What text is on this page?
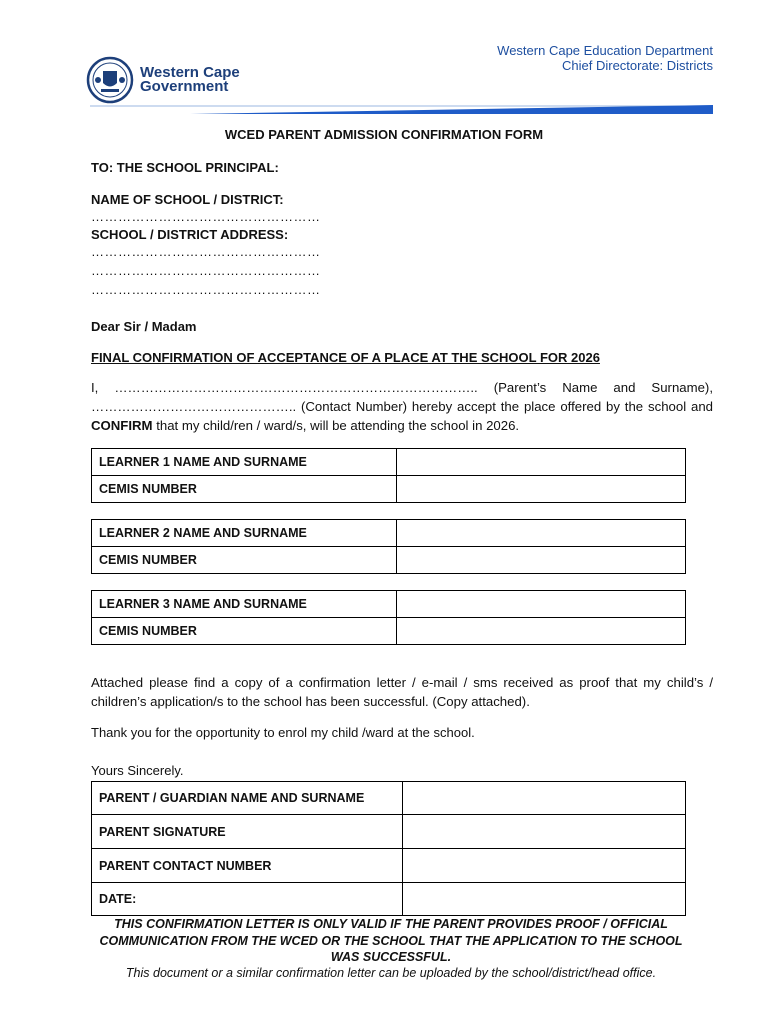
Western Cape
Government
Western Cape Education Department
Chief Directorate: Districts
WCED PARENT ADMISSION CONFIRMATION FORM
TO: THE SCHOOL PRINCIPAL:
NAME OF SCHOOL / DISTRICT:
……………………………………………
SCHOOL / DISTRICT ADDRESS:
……………………………………………
……………………………………………
……………………………………………
Dear Sir / Madam
FINAL CONFIRMATION OF ACCEPTANCE OF A PLACE AT THE SCHOOL FOR 2026
I, ……………………………………………………………………….. (Parent’s Name and Surname), ……………………………………….. (Contact Number) hereby accept the place offered by the school and CONFIRM that my child/ren / ward/s, will be attending the school in 2026.
LEARNER 1 NAME AND SURNAME	
CEMIS NUMBER	
LEARNER 2 NAME AND SURNAME	
CEMIS NUMBER	
LEARNER 3 NAME AND SURNAME	
CEMIS NUMBER	
Attached please find a copy of a confirmation letter / e-mail / sms received as proof that my child’s / children’s application/s to the school has been successful. (Copy attached).
Thank you for the opportunity to enrol my child /ward at the school.
Yours Sincerely.
PARENT / GUARDIAN NAME AND SURNAME	
PARENT SIGNATURE	
PARENT CONTACT NUMBER	
DATE:	
THIS CONFIRMATION LETTER IS ONLY VALID IF THE PARENT PROVIDES PROOF / OFFICIAL COMMUNICATION FROM THE WCED OR THE SCHOOL THAT THE APPLICATION TO THE SCHOOL WAS SUCCESSFUL.
This document or a similar confirmation letter can be uploaded by the school/district/head office.
